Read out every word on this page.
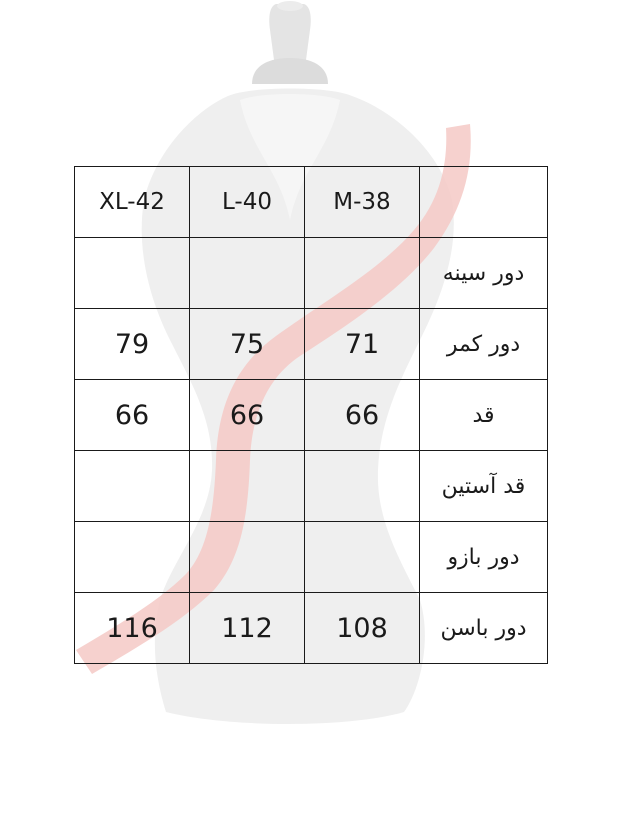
XL-42	L-40	M-38	
			دور سینه
79	75	71	دور کمر
66	66	66	قد
			قد آستین
			دور بازو
116	112	108	دور باسن
